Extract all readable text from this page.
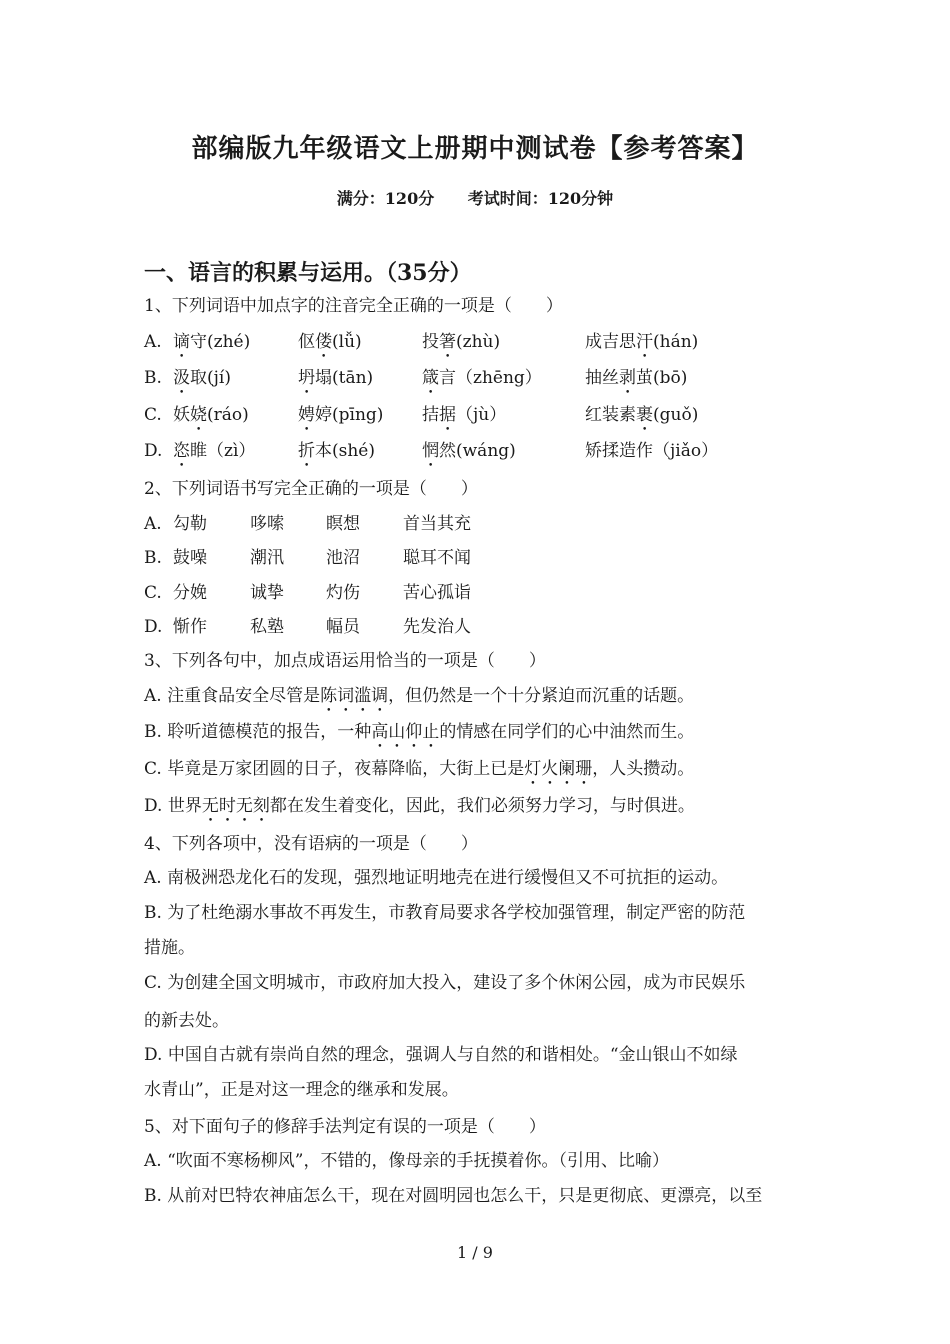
部编版九年级语文上册期中测试卷【参考答案】
满分：120分 考试时间：120分钟
一、语言的积累与运用。（35分）
1、下列词语中加点字的注音完全正确的一项是（　　）
A. 谪守(zhé)	伛偻(lǚ)	投箸(zhù)	成吉思汗(hán)
B. 汲取(jí)	坍塌(tān)	箴言（zhēng）	抽丝剥茧(bō)
C. 妖娆(ráo)	娉婷(pīng) 拮据（jù）	红装素裹(guǒ)
D. 恣睢（zì）	折本(shé)	惘然(wáng)	矫揉造作（jiǎo）
2、下列词语书写完全正确的一项是（　　）
A. 勾勒	哆嗦 瞑想	首当其充
B. 鼓噪	潮汛 池沼	聪耳不闻
C. 分娩	诚挚 灼伤	苦心孤诣
D. 惭作	私塾 幅员	先发治人
3、下列各句中，加点成语运用恰当的一项是（　　）
A. 注重食品安全尽管是陈词滥调，但仍然是一个十分紧迫而沉重的话题。
B. 聆听道德模范的报告，一种高山仰止的情感在同学们的心中油然而生。
C. 毕竟是万家团圆的日子，夜幕降临，大街上已是灯火阑珊，人头攒动。
D. 世界无时无刻都在发生着变化，因此，我们必须努力学习，与时俱进。
4、下列各项中，没有语病的一项是（　　）
A. 南极洲恐龙化石的发现，强烈地证明地壳在进行缓慢但又不可抗拒的运动。
B. 为了杜绝溺水事故不再发生，市教育局要求各学校加强管理，制定严密的防范
措施。
C. 为创建全国文明城市，市政府加大投入，建设了多个休闲公园，成为市民娱乐
的新去处。
D. 中国自古就有崇尚自然的理念，强调人与自然的和谐相处。“金山银山不如绿
水青山”，正是对这一理念的继承和发展。
5、对下面句子的修辞手法判定有误的一项是（　　）
A. “吹面不寒杨柳风”，不错的，像母亲的手抚摸着你。（引用、比喻）
B. 从前对巴特农神庙怎么干，现在对圆明园也怎么干，只是更彻底、更漂亮，以至
1 / 9
